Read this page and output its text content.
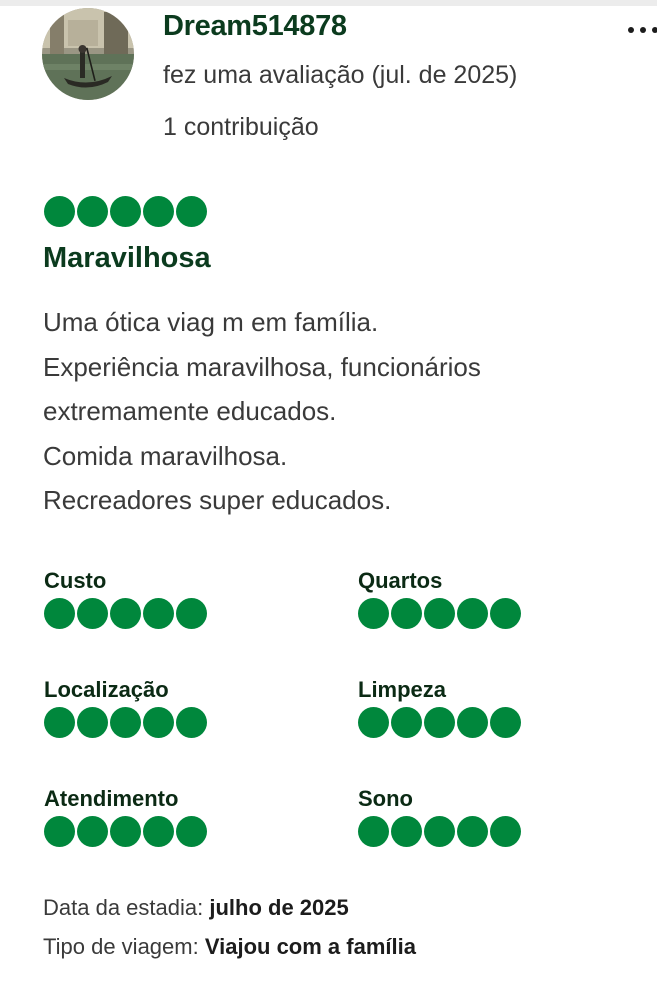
Dream514878
fez uma avaliação (jul. de 2025)
1 contribuição
Maravilhosa
Uma ótica viag m em família.
Experiência maravilhosa, funcionários
extremamente educados.
Comida maravilhosa.
Recreadores super educados.
Custo	Quartos
Localização	Limpeza
Atendimento	Sono
Data da estadia: julho de 2025
Tipo de viagem: Viajou com a família
